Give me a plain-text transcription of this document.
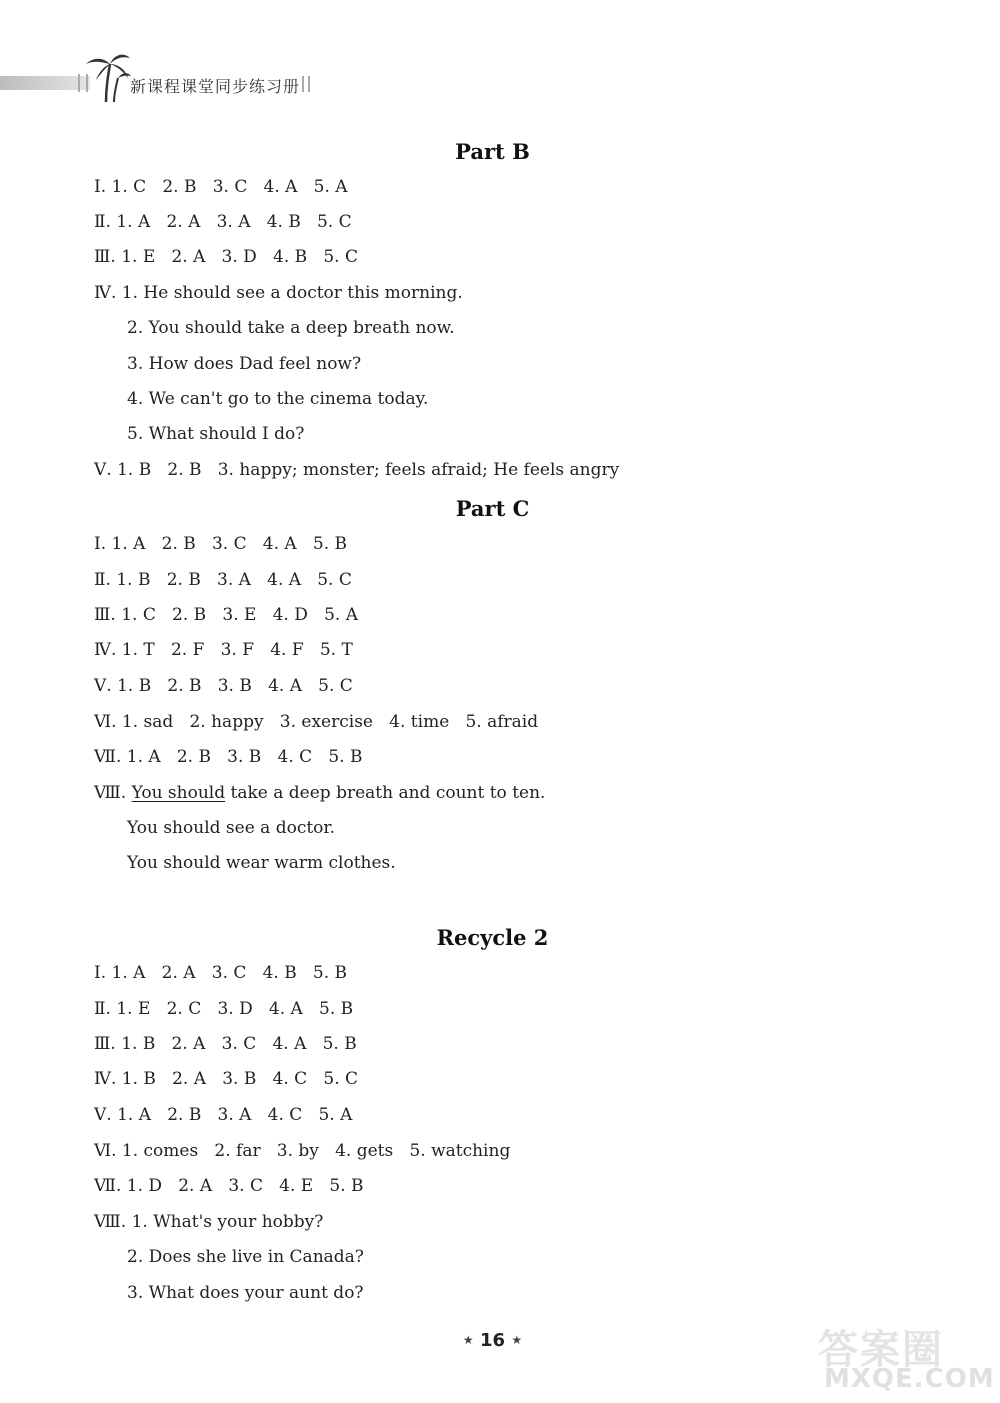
新课程课堂同步练习册
Part B
Ⅰ. 1. C   2. B   3. C   4. A   5. A
Ⅱ. 1. A   2. A   3. A   4. B   5. C
Ⅲ. 1. E   2. A   3. D   4. B   5. C
Ⅳ. 1. He should see a doctor this morning.
2. You should take a deep breath now.
3. How does Dad feel now?
4. We can't go to the cinema today.
5. What should I do?
Ⅴ. 1. B   2. B   3. happy; monster; feels afraid; He feels angry
Part C
Ⅰ. 1. A   2. B   3. C   4. A   5. B
Ⅱ. 1. B   2. B   3. A   4. A   5. C
Ⅲ. 1. C   2. B   3. E   4. D   5. A
Ⅳ. 1. T   2. F   3. F   4. F   5. T
Ⅴ. 1. B   2. B   3. B   4. A   5. C
Ⅵ. 1. sad   2. happy   3. exercise   4. time   5. afraid
Ⅶ. 1. A   2. B   3. B   4. C   5. B
Ⅷ. You should take a deep breath and count to ten.
You should see a doctor.
You should wear warm clothes.
Recycle 2
Ⅰ. 1. A   2. A   3. C   4. B   5. B
Ⅱ. 1. E   2. C   3. D   4. A   5. B
Ⅲ. 1. B   2. A   3. C   4. A   5. B
Ⅳ. 1. B   2. A   3. B   4. C   5. C
Ⅴ. 1. A   2. B   3. A   4. C   5. A
Ⅵ. 1. comes   2. far   3. by   4. gets   5. watching
Ⅶ. 1. D   2. A   3. C   4. E   5. B
Ⅷ. 1. What's your hobby?
2. Does she live in Canada?
3. What does your aunt do?
★ 16 ★	答案圈
MXQE.COM
